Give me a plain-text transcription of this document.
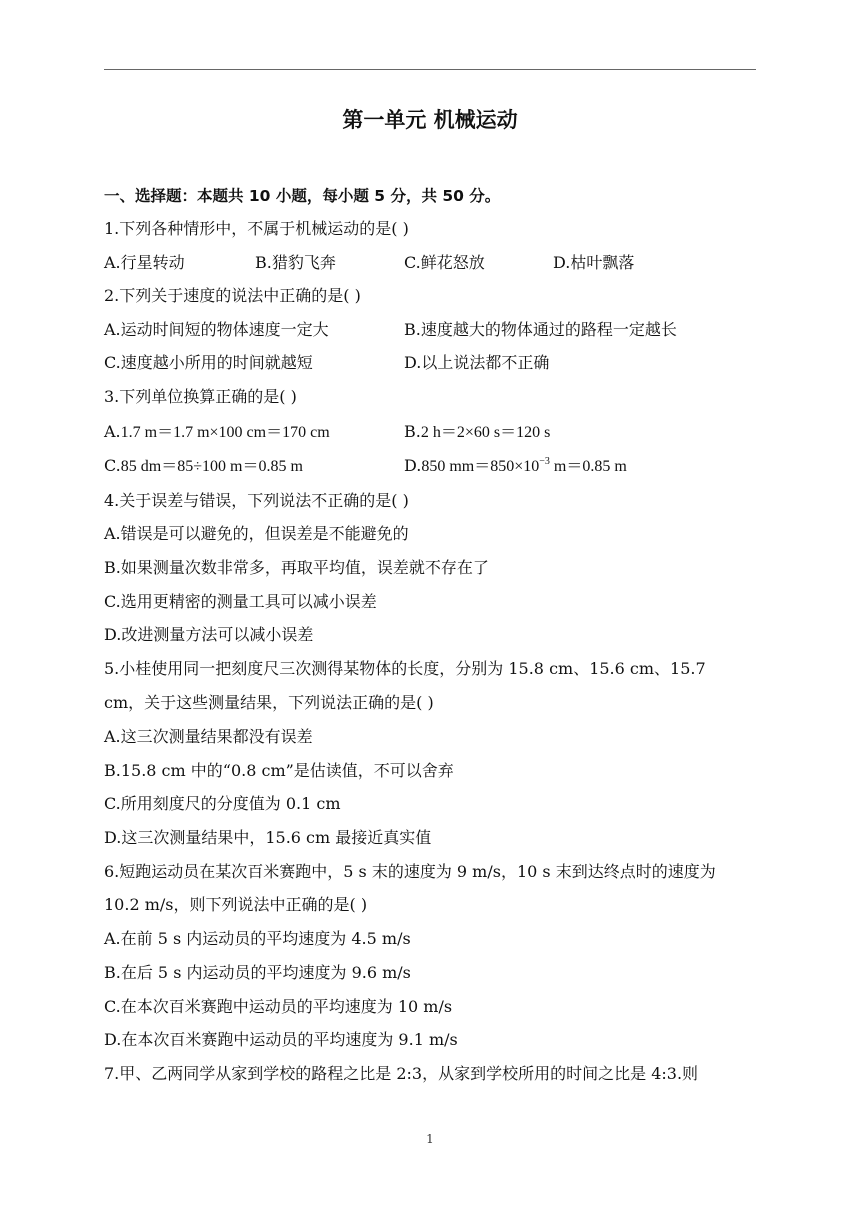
第一单元 机械运动
一、选择题：本题共 10 小题，每小题 5 分，共 50 分。
1.下列各种情形中，不属于机械运动的是( )
A.行星转动	B.猎豹飞奔	C.鲜花怒放	D.枯叶飘落
2.下列关于速度的说法中正确的是( )
A.运动时间短的物体速度一定大	B.速度越大的物体通过的路程一定越长
C.速度越小所用的时间就越短	D.以上说法都不正确
3.下列单位换算正确的是( )
A.1.7 m＝1.7 m×100 cm＝170 cm	B.2 h＝2×60 s＝120 s
C.85 dm＝85÷100 m＝0.85 m	D.850 $mm=850\times 10^{-3}$ m＝0.85 m
4.关于误差与错误，下列说法不正确的是( )
A.错误是可以避免的，但误差是不能避免的
B.如果测量次数非常多，再取平均值，误差就不存在了
C.选用更精密的测量工具可以减小误差
D.改进测量方法可以减小误差
5.小桂使用同一把刻度尺三次测得某物体的长度，分别为 15.8 cm、15.6 cm、15.7
cm，关于这些测量结果，下列说法正确的是( )
A.这三次测量结果都没有误差
B.15.8 cm 中的“0.8 cm”是估读值，不可以舍弃
C.所用刻度尺的分度值为 0.1 cm
D.这三次测量结果中，15.6 cm 最接近真实值
6.短跑运动员在某次百米赛跑中，5 s 末的速度为 9 m/s，10 s 末到达终点时的速度为
10.2 m/s，则下列说法中正确的是( )
A.在前 5 s 内运动员的平均速度为 4.5 m/s
B.在后 5 s 内运动员的平均速度为 9.6 m/s
C.在本次百米赛跑中运动员的平均速度为 10 m/s
D.在本次百米赛跑中运动员的平均速度为 9.1 m/s
7.甲、乙两同学从家到学校的路程之比是 2:3，从家到学校所用的时间之比是 4:3.则
1
